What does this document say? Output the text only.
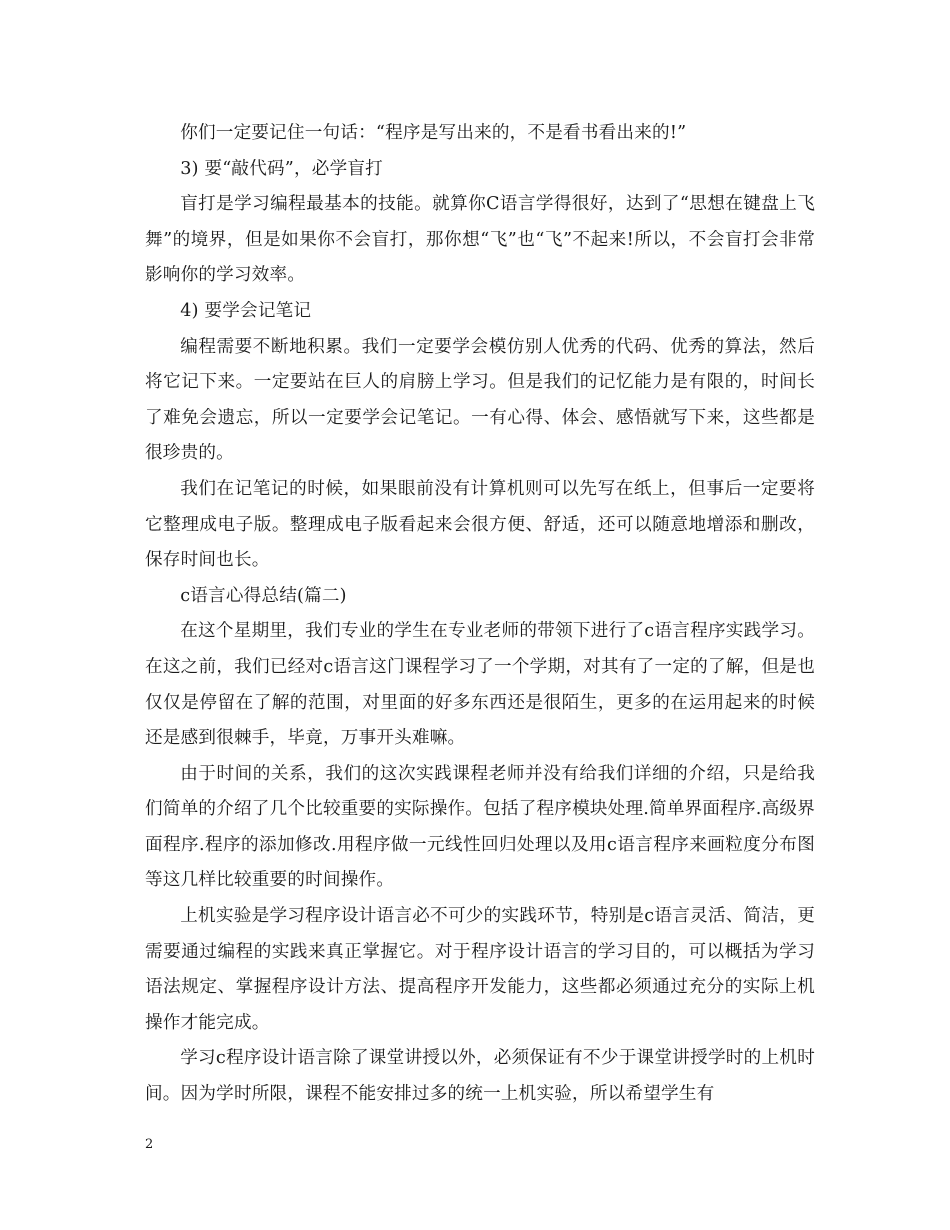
你们一定要记住一句话：“程序是写出来的，不是看书看出来的!”

3) 要“敲代码”，必学盲打

盲打是学习编程最基本的技能。就算你C语言学得很好，达到了“思想在键盘上飞舞”的境界，但是如果你不会盲打，那你想“飞”也“飞”不起来!所以，不会盲打会非常影响你的学习效率。

4) 要学会记笔记

编程需要不断地积累。我们一定要学会模仿别人优秀的代码、优秀的算法，然后将它记下来。一定要站在巨人的肩膀上学习。但是我们的记忆能力是有限的，时间长了难免会遗忘，所以一定要学会记笔记。一有心得、体会、感悟就写下来，这些都是很珍贵的。

我们在记笔记的时候，如果眼前没有计算机则可以先写在纸上，但事后一定要将它整理成电子版。整理成电子版看起来会很方便、舒适，还可以随意地增添和删改，保存时间也长。

c语言心得总结(篇二)

在这个星期里，我们专业的学生在专业老师的带领下进行了c语言程序实践学习。在这之前，我们已经对c语言这门课程学习了一个学期，对其有了一定的了解，但是也仅仅是停留在了解的范围，对里面的好多东西还是很陌生，更多的在运用起来的时候还是感到很棘手，毕竟，万事开头难嘛。

由于时间的关系，我们的这次实践课程老师并没有给我们详细的介绍，只是给我们简单的介绍了几个比较重要的实际操作。包括了程序模块处理.简单界面程序.高级界面程序.程序的添加修改.用程序做一元线性回归处理以及用c语言程序来画粒度分布图等这几样比较重要的时间操作。

上机实验是学习程序设计语言必不可少的实践环节，特别是c语言灵活、简洁，更需要通过编程的实践来真正掌握它。对于程序设计语言的学习目的，可以概括为学习语法规定、掌握程序设计方法、提高程序开发能力，这些都必须通过充分的实际上机操作才能完成。

学习c程序设计语言除了课堂讲授以外，必须保证有不少于课堂讲授学时的上机时间。因为学时所限，课程不能安排过多的统一上机实验，所以希望学生有

2
